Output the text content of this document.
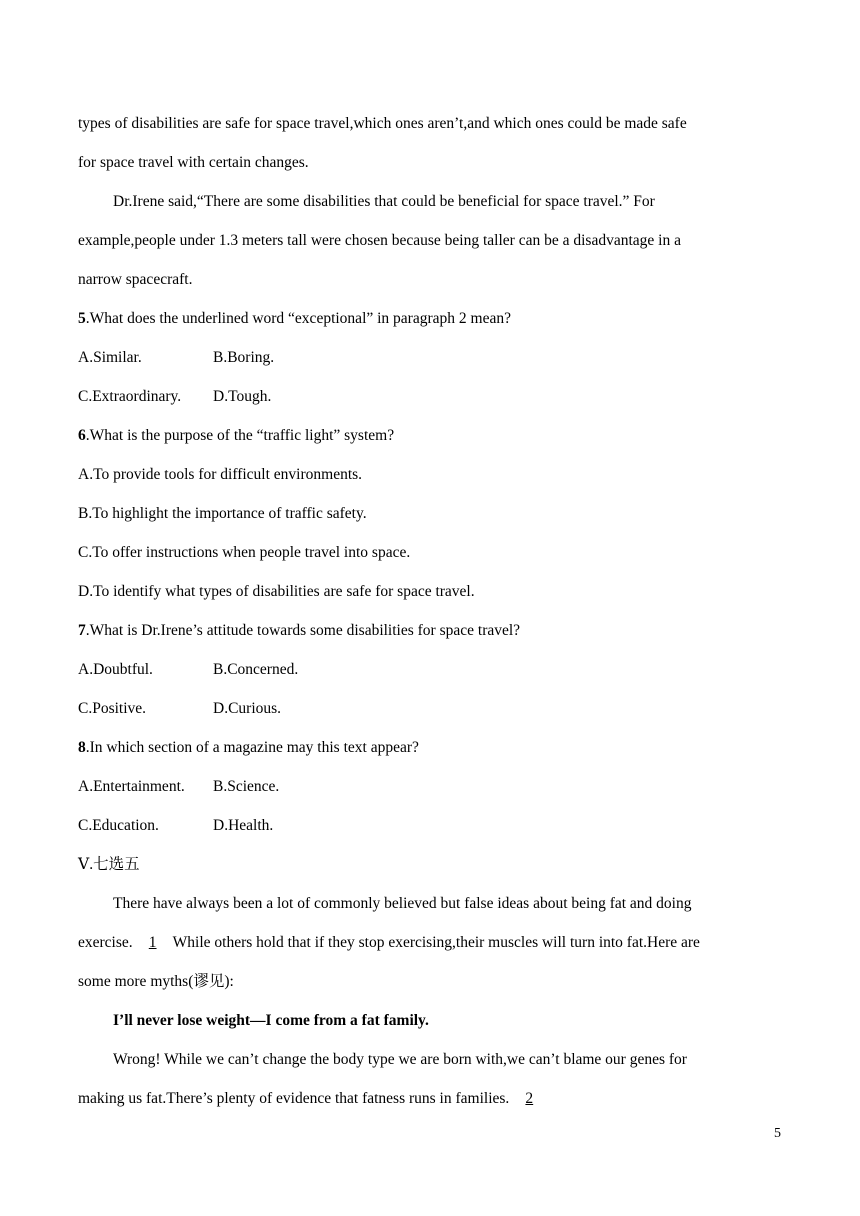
types of disabilities are safe for space travel,which ones aren’t,and which ones could be made safe
for space travel with certain changes.
Dr.Irene said,“There are some disabilities that could be beneficial for space travel.” For
example,people under 1.3 meters tall were chosen because being taller can be a disadvantage in a
narrow spacecraft.
5.What does the underlined word “exceptional” in paragraph 2 mean?
A.Similar.	B.Boring.
C.Extraordinary. D.Tough.
6.What is the purpose of the “traffic light” system?
A.To provide tools for difficult environments.
B.To highlight the importance of traffic safety.
C.To offer instructions when people travel into space.
D.To identify what types of disabilities are safe for space travel.
7.What is Dr.Irene’s attitude towards some disabilities for space travel?
A.Doubtful.	B.Concerned.
C.Positive.	D.Curious.
8.In which section of a magazine may this text appear?
A.Entertainment. B.Science.
C.Education.	D.Health.
Ⅴ.七选五
There have always been a lot of commonly believed but false ideas about being fat and doing
exercise. 1 While others hold that if they stop exercising,their muscles will turn into fat.Here are
some more myths(谬见):
I’ll never lose weight—I come from a fat family.
Wrong! While we can’t change the body type we are born with,we can’t blame our genes for
making us fat.There’s plenty of evidence that fatness runs in families. 2
5
